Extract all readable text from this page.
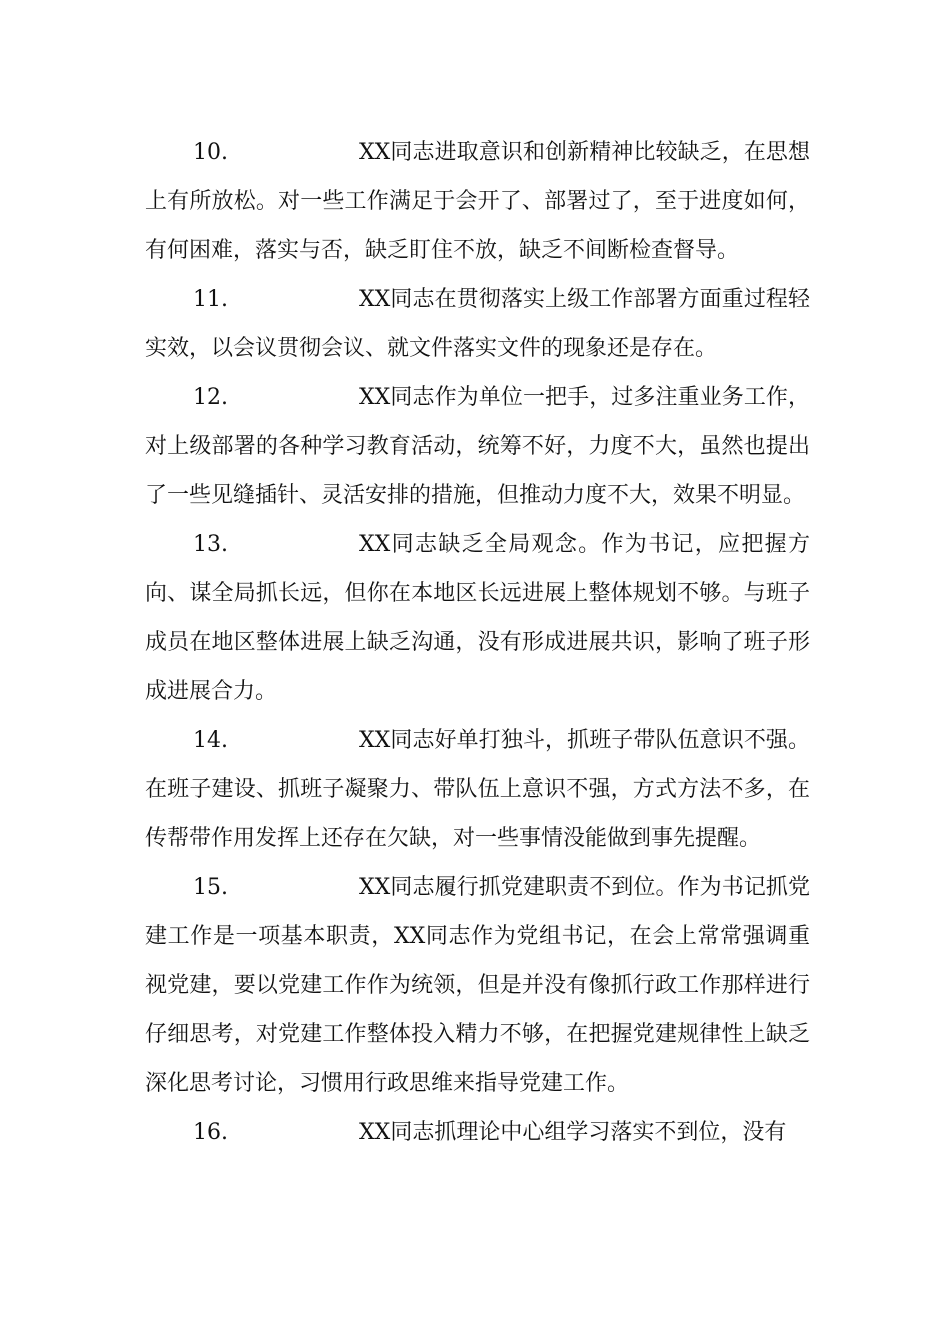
10.	XX同志进取意识和创新精神比较缺乏，在思想上有所放松。对一些工作满足于会开了、部署过了，至于进度如何，有何困难，落实与否，缺乏盯住不放，缺乏不间断检查督导。

11.	XX同志在贯彻落实上级工作部署方面重过程轻实效，以会议贯彻会议、就文件落实文件的现象还是存在。

12.	XX同志作为单位一把手，过多注重业务工作，对上级部署的各种学习教育活动，统筹不好，力度不大，虽然也提出了一些见缝插针、灵活安排的措施，但推动力度不大，效果不明显。

13.	XX同志缺乏全局观念。作为书记，应把握方向、谋全局抓长远，但你在本地区长远进展上整体规划不够。与班子成员在地区整体进展上缺乏沟通，没有形成进展共识，影响了班子形成进展合力。

14.	XX同志好单打独斗，抓班子带队伍意识不强。在班子建设、抓班子凝聚力、带队伍上意识不强，方式方法不多，在传帮带作用发挥上还存在欠缺，对一些事情没能做到事先提醒。

15.	XX同志履行抓党建职责不到位。作为书记抓党建工作是一项基本职责，XX同志作为党组书记，在会上常常强调重视党建，要以党建工作作为统领，但是并没有像抓行政工作那样进行仔细思考，对党建工作整体投入精力不够，在把握党建规律性上缺乏深化思考讨论，习惯用行政思维来指导党建工作。

16.	XX同志抓理论中心组学习落实不到位，没有
